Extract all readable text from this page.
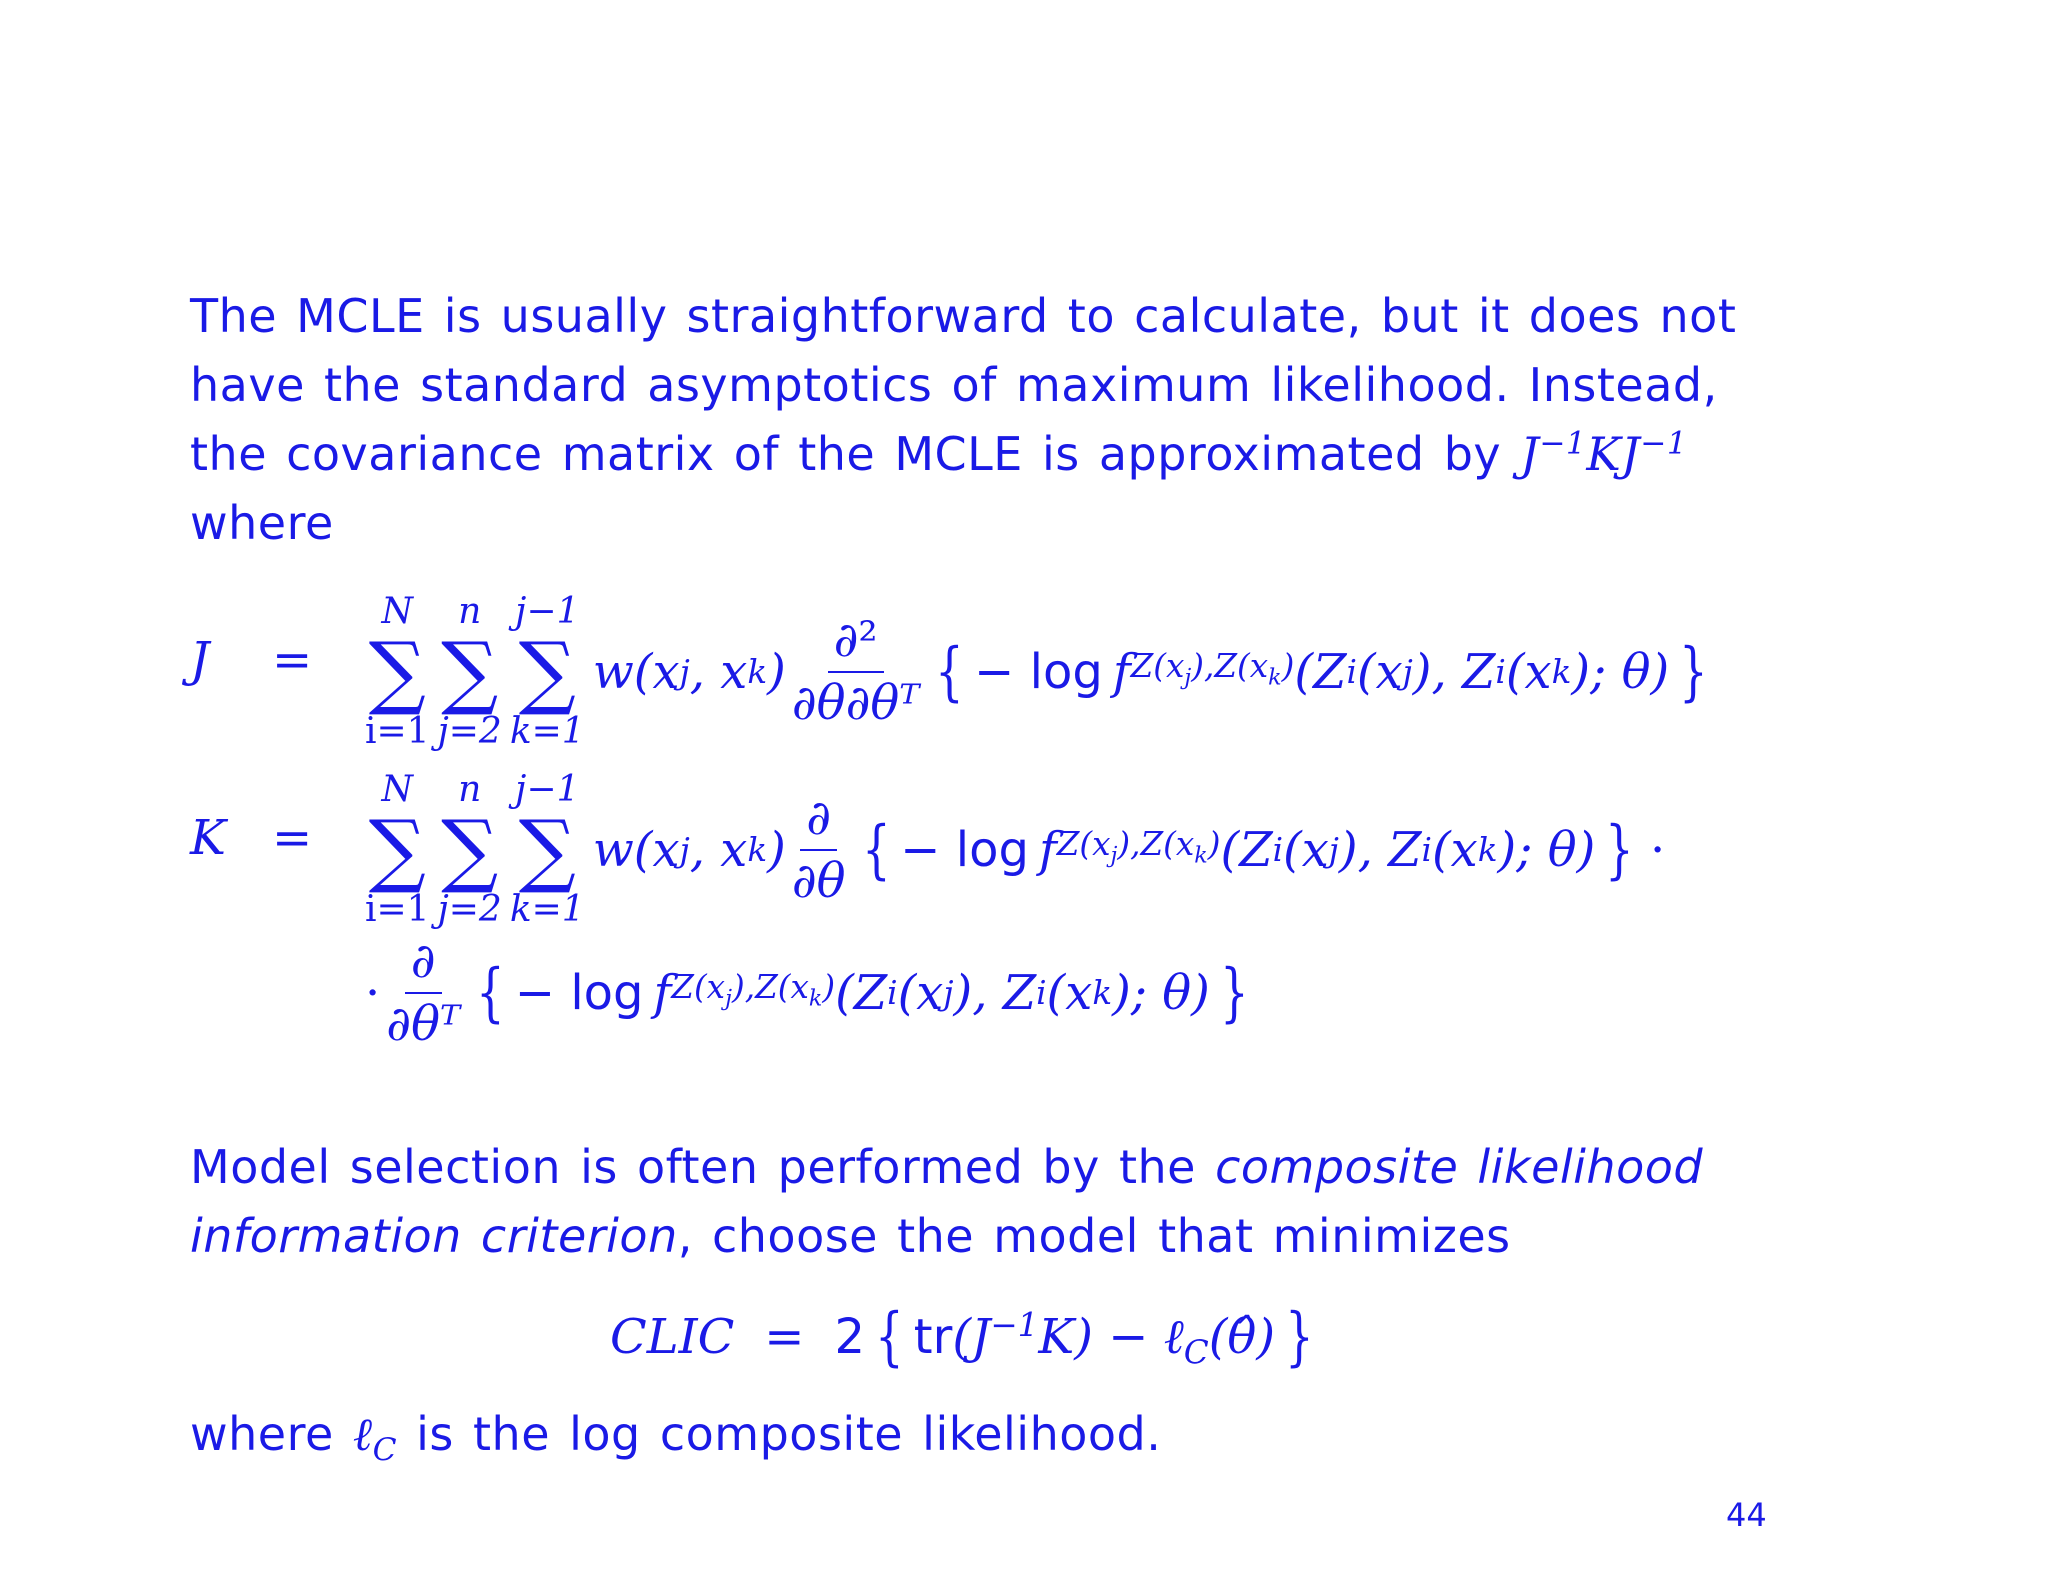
The MCLE is usually straightforward to calculate, but it does not
have the standard asymptotics of maximum likelihood. Instead,
the covariance matrix of the MCLE is approximated by $J^{-1}KJ^{-1}$
where

J	=
N
∑
i=1
n
∑
j=2
j−1
∑
k=1
w(x j , x k ) $\frac{\text{∂²}}{\text{∂θ∂θᵀ}}$ { − log f $Z(x_j),Z(x_k)$ (Z i (x j ), Z i (x k ); θ) }
K =
N
∑
i=1
n
∑
j=2
j−1
∑
k=1
w(x j , x k ) $\frac{\partial}{\partial\theta}$ { − log f $Z(x_j),Z(x_k)$ (Z i (x j ), Z i (x k ); θ) } ·
· $\frac{\partial}{\text{∂θᵀ}}$ { − log f $Z(x_j),Z(x_k)$ (Z i (x j ), Z i (x k ); θ) }

Model selection is often performed by the composite likelihood
information criterion, choose the model that minimizes

CLIC = 2 { tr $(J^{-1}K)$ − ℓ$_C$(θ̂) }

where ℓ$_C$ is the log composite likelihood.

44
